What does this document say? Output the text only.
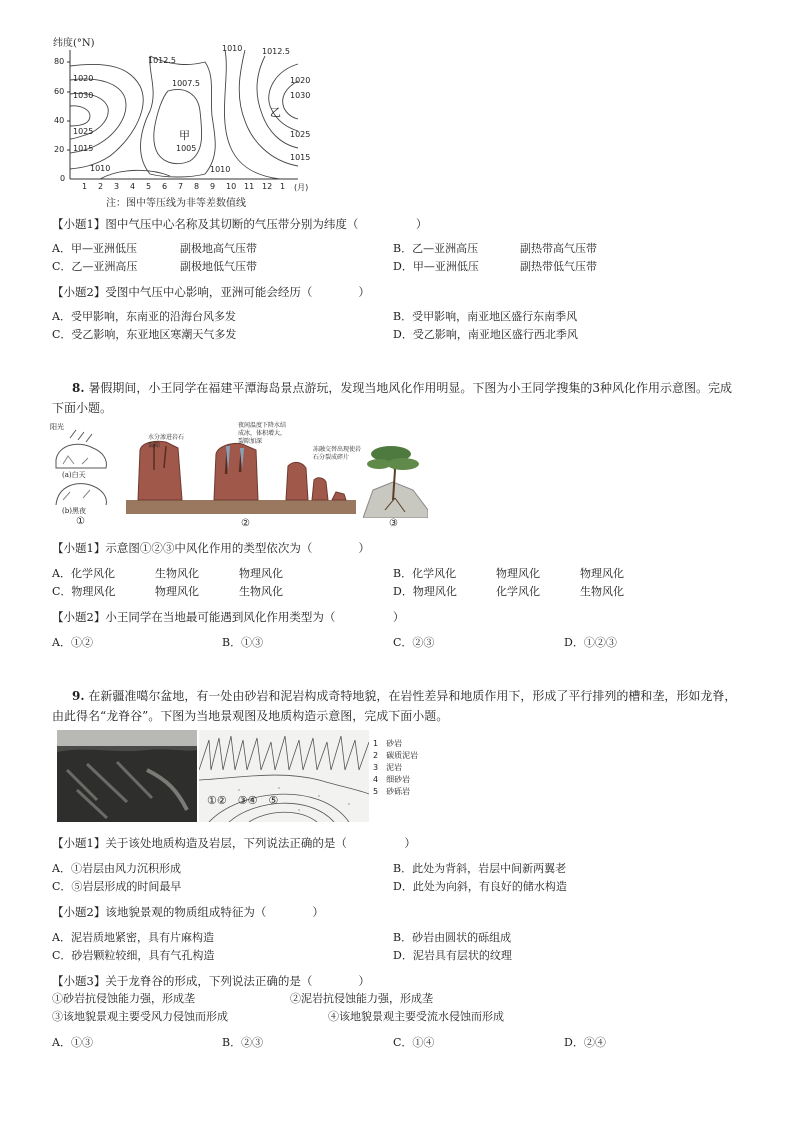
纬度(°N)
80
60
40
20
0
1 2 3 4 5 6 7 8 9 10 11 12 1 (月)
1012.5
1010 1012.5
1020
1030
1007.5	1020
1030
1025
1015	1005
1025
1015
1010	1010
甲
乙
注：图中等压线为非等差数值线
【小题1】图中气压中心名称及其切断的气压带分别为纬度（　　　　　）
A．甲—亚洲低压	副极地高气压带	B．乙—亚洲高压	副热带高气压带
C．乙—亚洲高压	副极地低气压带	D．甲—亚洲低压	副热带低气压带
【小题2】受图中气压中心影响，亚洲可能会经历（　　　　）
A．受甲影响，东南亚的沿海台风多发	B．受甲影响，南亚地区盛行东南季风
C．受乙影响，东亚地区寒潮天气多发	D．受乙影响，南亚地区盛行西北季风
8. 暑假期间，小王同学在福建平潭海岛景点游玩，发现当地风化作用明显。下图为小王同学搜集的3种风化作用示意图。完成下面小题。
阳光
(a)白天
(b)黑夜
水分渗进岩石裂隙
夜间温度下降水结成冰，体积增大，裂隙加深
冻融交替出现使岩石分裂成碎片
①	②	③
【小题1】示意图①②③中风化作用的类型依次为（　　　　）
A．化学风化	生物风化	物理风化	B．化学风化	物理风化	物理风化
C．物理风化	物理风化	生物风化	D．物理风化	化学风化	生物风化
【小题2】小王同学在当地最可能遇到风化作用类型为（　　　　　）
A．①②	B．①③	C．②③	D．①②③
9. 在新疆准噶尔盆地，有一处由砂岩和泥岩构成奇特地貌，在岩性差异和地质作用下，形成了平行排列的槽和垄，形如龙脊，由此得名“龙脊谷”。下图为当地景观图及地质构造示意图，完成下面小题。
①②　③④　⑤
1　砂岩
2　碳质泥岩
3　泥岩
4　细砂岩
5　砂砾岩
【小题1】关于该处地质构造及岩层，下列说法正确的是（　　　　　）
A．①岩层由风力沉积形成	B．此处为背斜，岩层中间新两翼老
C．⑤岩层形成的时间最早	D．此处为向斜，有良好的储水构造
【小题2】该地貌景观的物质组成特征为（　　　　）
A．泥岩质地紧密，具有片麻构造	B．砂岩由圆状的砾组成
C．砂岩颗粒较细，具有气孔构造	D．泥岩具有层状的纹理
【小题3】关于龙脊谷的形成，下列说法正确的是（　　　　）
①砂岩抗侵蚀能力强，形成垄	②泥岩抗侵蚀能力强，形成垄
③该地貌景观主要受风力侵蚀而形成	④该地貌景观主要受流水侵蚀而形成
A．①③	B．②③	C．①④	D．②④
